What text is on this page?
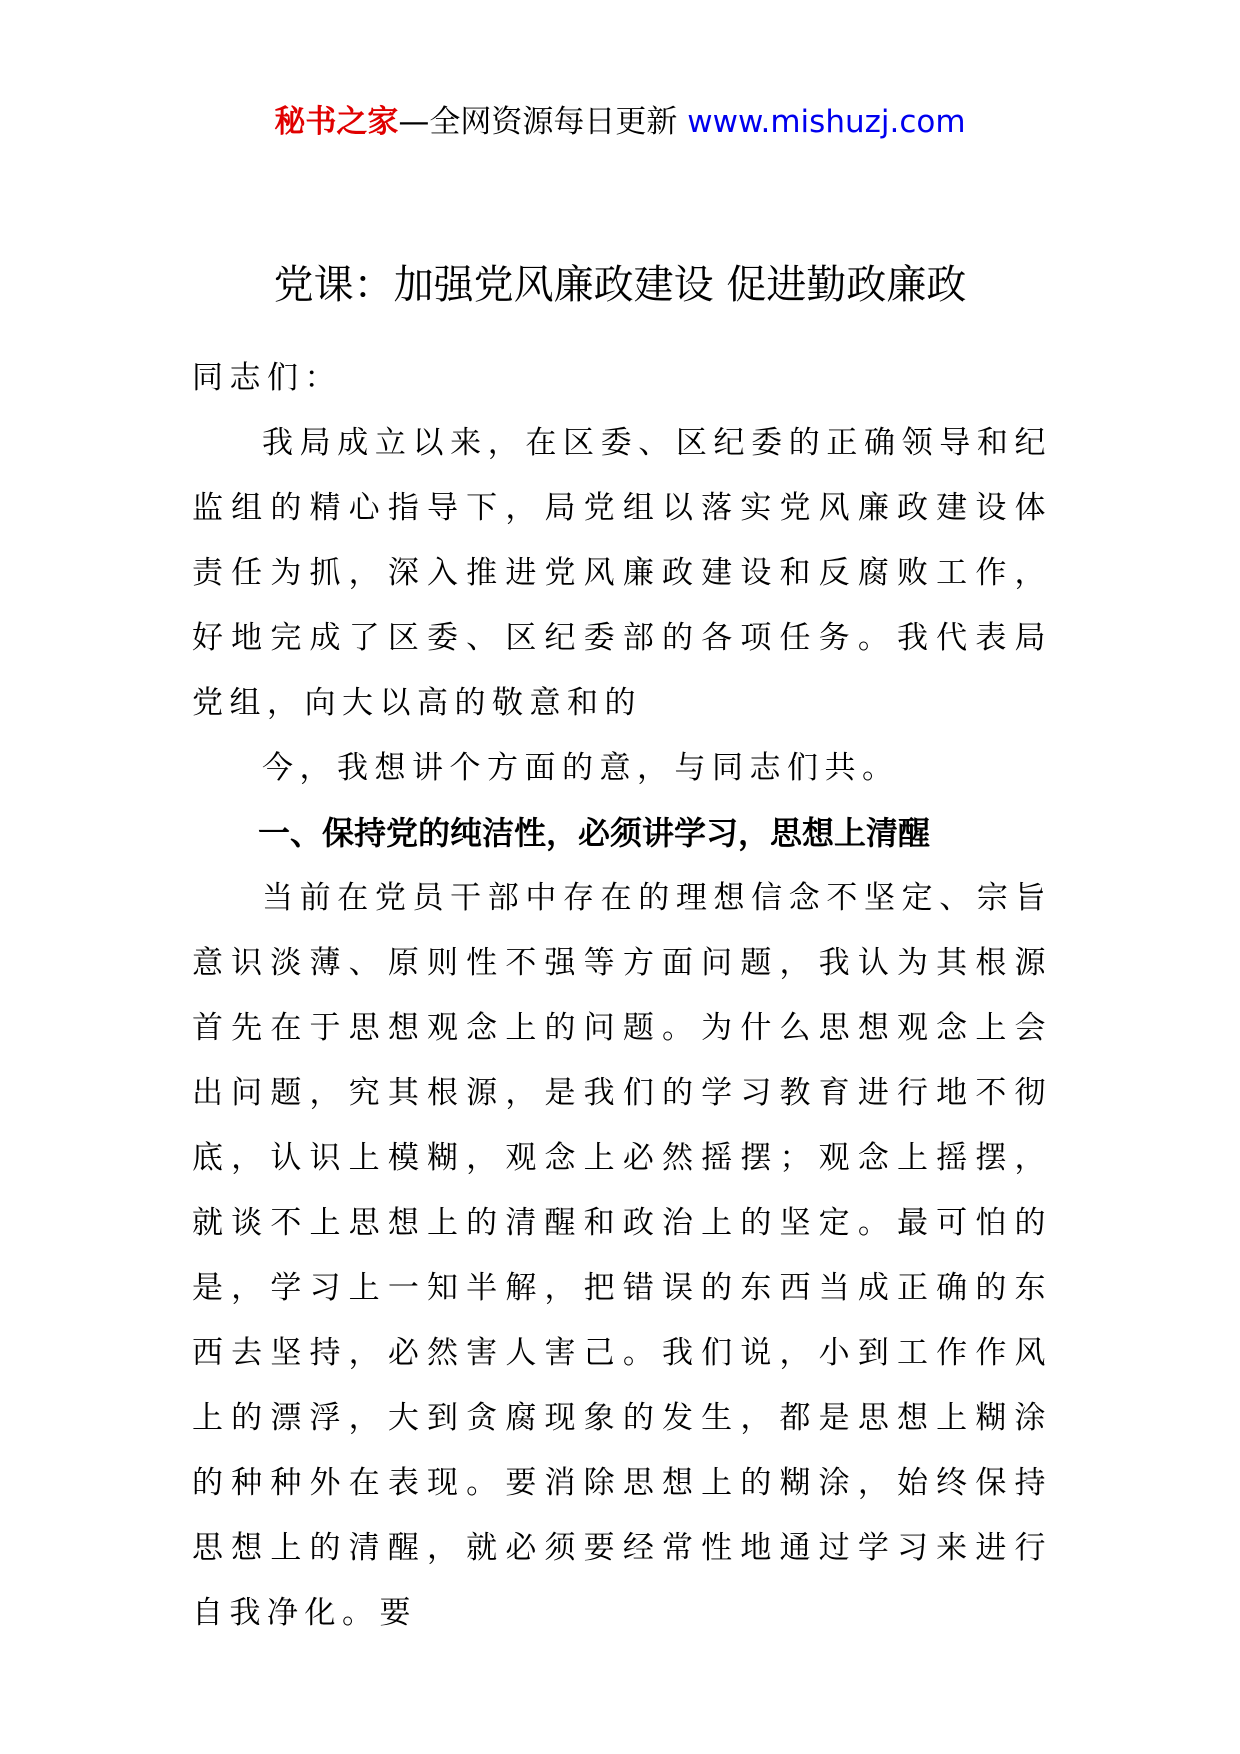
秘书之家—全网资源每日更新 www.mishuzj.com
党课：加强党风廉政建设 促进勤政廉政

同志们：

我局成立以来，在区委、区纪委的正确领导和纪监组的精心指导下，局党组以落实党风廉政建设体责任为抓，深入推进党风廉政建设和反腐败工作，好地完成了区委、区纪委部的各项任务。我代表局党组，向大以高的敬意和的

今，我想讲个方面的意，与同志们共。

一、保持党的纯洁性，必须讲学习，思想上清醒

当前在党员干部中存在的理想信念不坚定、宗旨意识淡薄、原则性不强等方面问题，我认为其根源首先在于思想观念上的问题。为什么思想观念上会出问题，究其根源，是我们的学习教育进行地不彻底，认识上模糊，观念上必然摇摆；观念上摇摆，就谈不上思想上的清醒和政治上的坚定。最可怕的是，学习上一知半解，把错误的东西当成正确的东西去坚持，必然害人害己。我们说，小到工作作风上的漂浮，大到贪腐现象的发生，都是思想上糊涂的种种外在表现。要消除思想上的糊涂，始终保持思想上的清醒，就必须要经常性地通过学习来进行自我净化。要
